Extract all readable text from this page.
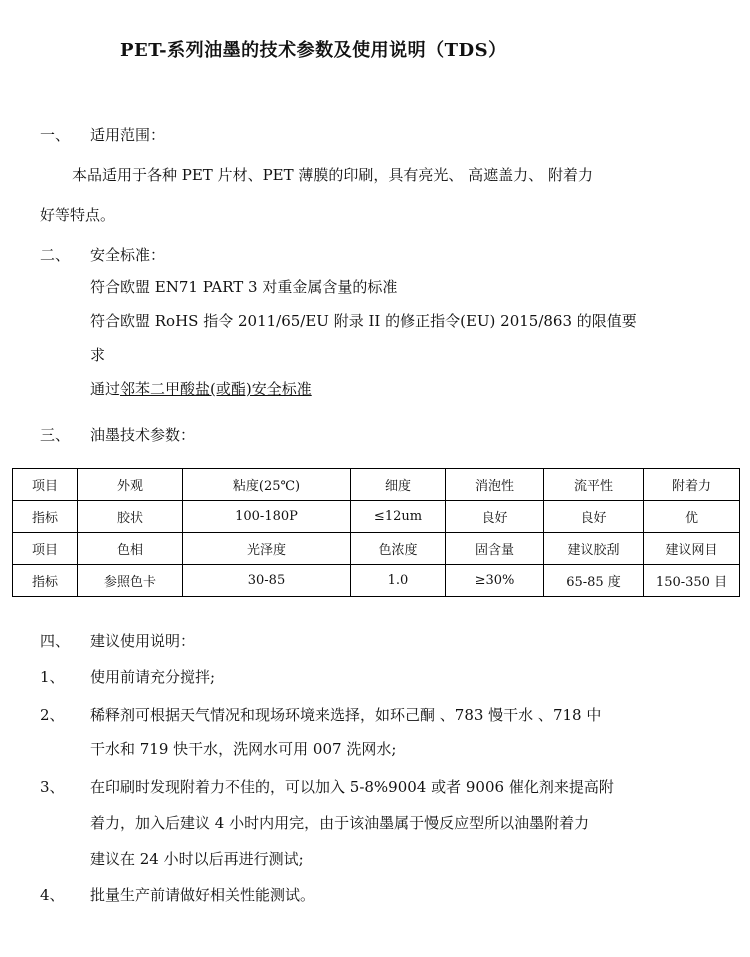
PET-系列油墨的技术参数及使用说明（TDS）
一、 适用范围：
本品适用于各种 PET 片材、PET 薄膜的印刷，具有亮光、 高遮盖力、 附着力
好等特点。
二、 安全标准：
符合欧盟 EN71 PART 3 对重金属含量的标准
符合欧盟 RoHS 指令 2011/65/EU 附录 II 的修正指令(EU) 2015/863 的限值要
求
通过邻苯二甲酸盐(或酯)安全标准
三、 油墨技术参数：
项目	外观	粘度(25℃)	细度	消泡性	流平性	附着力
指标	胶状	100-180P	≤12um	良好	良好	优
项目	色相	光泽度	色浓度	固含量	建议胶刮	建议网目
指标	参照色卡	30-85	1.0	≥30%	65-85 度	150-350 目
四、 建议使用说明：
1、 使用前请充分搅拌;
2、 稀释剂可根据天气情况和现场环境来选择，如环己酮 、783 慢干水 、718 中
干水和 719 快干水，洗网水可用 007 洗网水;
3、 在印刷时发现附着力不佳的，可以加入 5-8%9004 或者 9006 催化剂来提高附
着力，加入后建议 4 小时内用完，由于该油墨属于慢反应型所以油墨附着力
建议在 24 小时以后再进行测试;
4、 批量生产前请做好相关性能测试。
